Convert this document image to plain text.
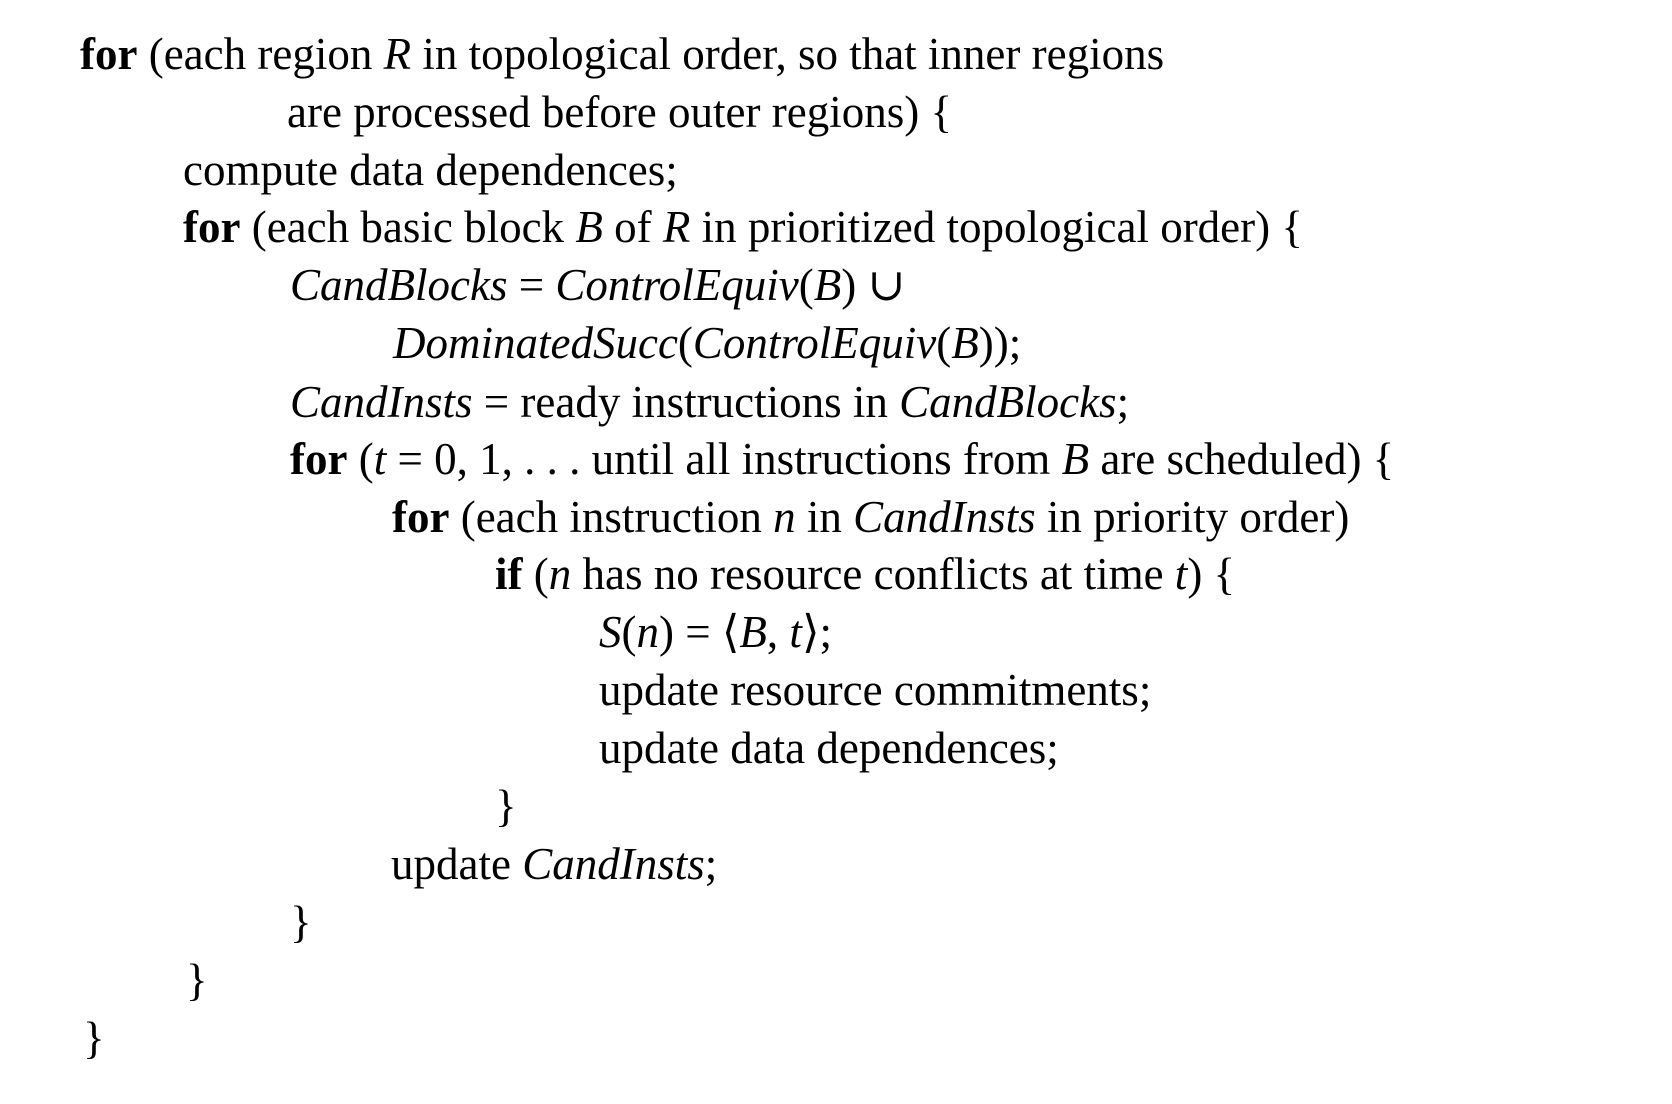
for (each region R in topological order, so that inner regions
are processed before outer regions) {
compute data dependences;
for (each basic block B of R in prioritized topological order) {
CandBlocks = ControlEquiv(B) ∪
DominatedSucc(ControlEquiv(B));
CandInsts = ready instructions in CandBlocks;
for (t = 0, 1, . . . until all instructions from B are scheduled) {
for (each instruction n in CandInsts in priority order)
if (n has no resource conflicts at time t) {
S(n) = ⟨B, t⟩;
update resource commitments;
update data dependences;
}
update CandInsts;
}
}
}
